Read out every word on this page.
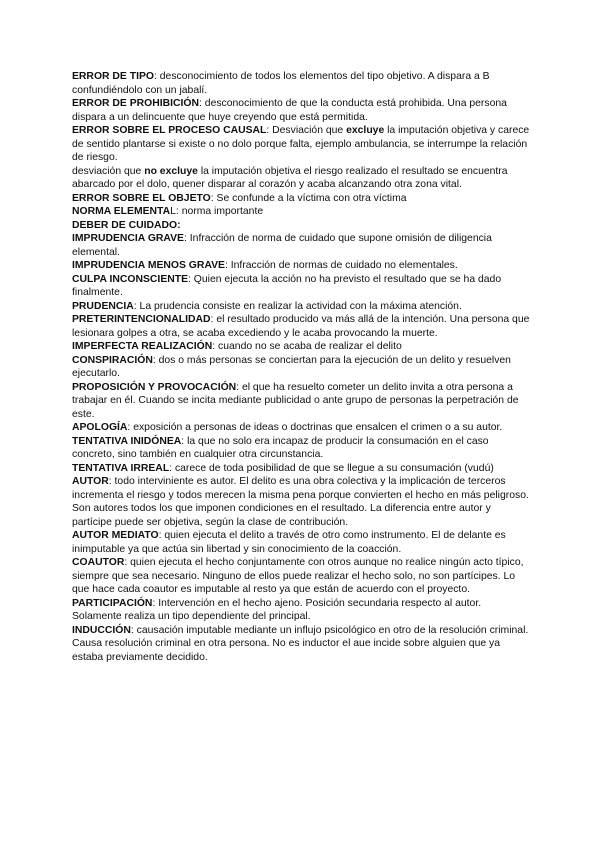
ERROR DE TIPO: desconocimiento de todos los elementos del tipo objetivo. A dispara a B confundiéndolo con un jabalí.

ERROR DE PROHIBICIÓN: desconocimiento de que la conducta está prohibida. Una persona dispara a un delincuente que huye creyendo que está permitida.

ERROR SOBRE EL PROCESO CAUSAL: Desviación que excluye la imputación objetiva y carece de sentido plantarse si existe o no dolo porque falta, ejemplo ambulancia, se interrumpe la relación de riesgo.

desviación que no excluye la imputación objetiva el riesgo realizado el resultado se encuentra abarcado por el dolo, quener disparar al corazón y acaba alcanzando otra zona vital.

ERROR SOBRE EL OBJETO: Se confunde a la víctima con otra víctima

NORMA ELEMENTAL: norma importante

DEBER DE CUIDADO:

IMPRUDENCIA GRAVE: Infracción de norma de cuidado que supone omisión de diligencia elemental.

IMPRUDENCIA MENOS GRAVE: Infracción de normas de cuidado no elementales.

CULPA INCONSCIENTE: Quien ejecuta la acción no ha previsto el resultado que se ha dado finalmente.

PRUDENCIA: La prudencia consiste en realizar la actividad con la máxima atención.

PRETERINTENCIONALIDAD: el resultado producido va más allá de la intención. Una persona que lesionara golpes a otra, se acaba excediendo y le acaba provocando la muerte.

IMPERFECTA REALIZACIÓN: cuando no se acaba de realizar el delito

CONSPIRACIÓN: dos o más personas se conciertan para la ejecución de un delito y resuelven ejecutarlo.

PROPOSICIÓN Y PROVOCACIÓN: el que ha resuelto cometer un delito invita a otra persona a trabajar en él. Cuando se incita mediante publicidad o ante grupo de personas la perpetración de este.

APOLOGÍA: exposición a personas de ideas o doctrinas que ensalcen el crimen o a su autor.

TENTATIVA INIDÓNEA: la que no solo era incapaz de producir la consumación en el caso concreto, sino también en cualquier otra circunstancia.

TENTATIVA IRREAL: carece de toda posibilidad de que se llegue a su consumación (vudú)

AUTOR: todo interviniente es autor. El delito es una obra colectiva y la implicación de terceros incrementa el riesgo y todos merecen la misma pena porque convierten el hecho en más peligroso. Son autores todos los que imponen condiciones en el resultado. La diferencia entre autor y partícipe puede ser objetiva, según la clase de contribución.

AUTOR MEDIATO: quien ejecuta el delito a través de otro como instrumento. El de delante es inimputable ya que actúa sin libertad y sin conocimiento de la coacción.

COAUTOR: quien ejecuta el hecho conjuntamente con otros aunque no realice ningún acto típico, siempre que sea necesario. Ninguno de ellos puede realizar el hecho solo, no son partícipes. Lo que hace cada coautor es imputable al resto ya que están de acuerdo con el proyecto.

PARTICIPACIÓN: Intervención en el hecho ajeno. Posición secundaria respecto al autor. Solamente realiza un tipo dependiente del principal.

INDUCCIÓN: causación imputable mediante un influjo psicológico en otro de la resolución criminal. Causa resolución criminal en otra persona. No es inductor el aue incide sobre alguien que ya estaba previamente decidido.
